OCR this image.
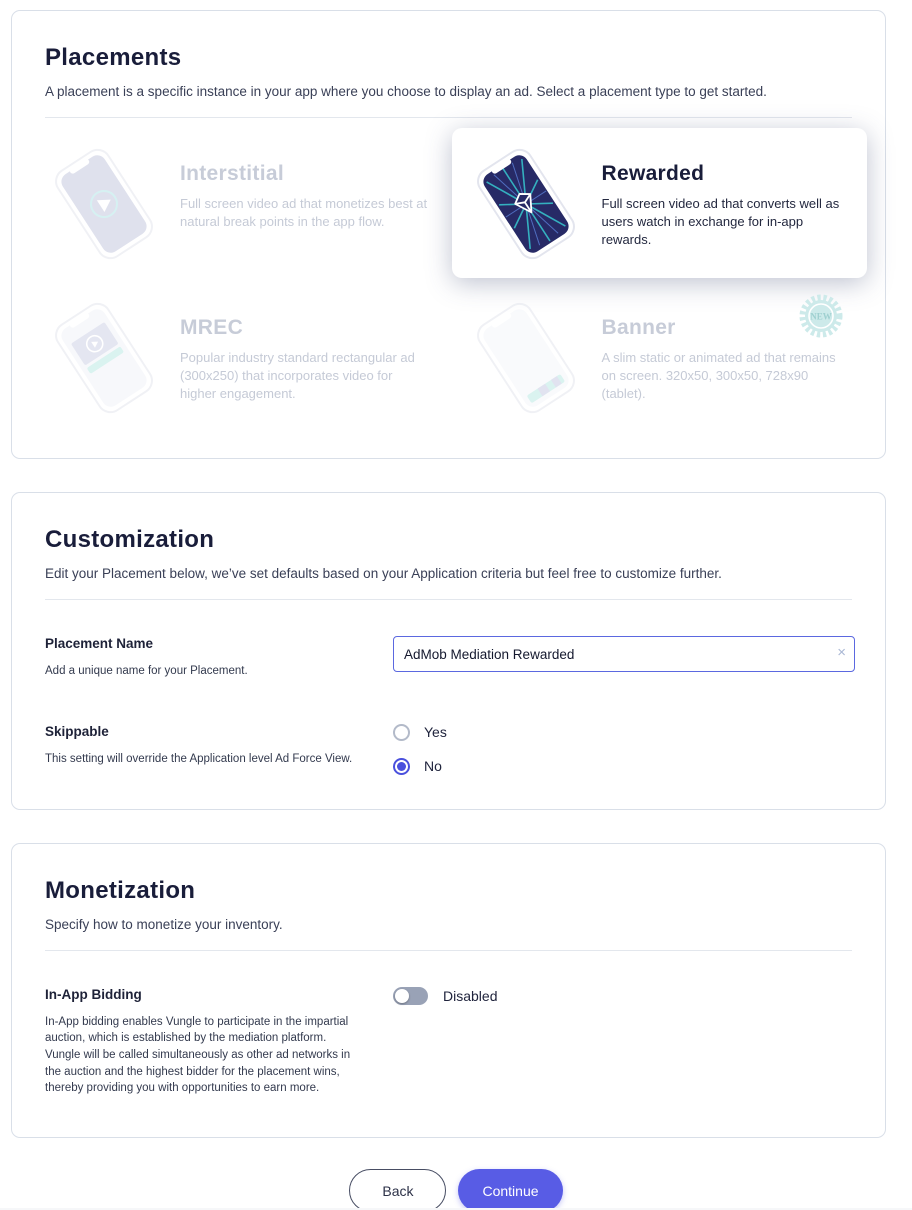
Placements

A placement is a specific instance in your app where you choose to display an ad. Select a placement type to get started.

Interstitial
Full screen video ad that monetizes best at natural break points in the app flow.
Rewarded
Full screen video ad that converts well as users watch in exchange for in-app rewards.
MREC
Popular industry standard rectangular ad (300x250) that incorporates video for higher engagement.
Banner
A slim static or animated ad that remains on screen. 320x50, 300x50, 728x90 (tablet).
NEW
Customization

Edit your Placement below, we’ve set defaults based on your Application criteria but feel free to customize further.

Placement Name
Add a unique name for your Placement.
AdMob Mediation Rewarded
×
Skippable
This setting will override the Application level Ad Force View.
Yes
No
Monetization

Specify how to monetize your inventory.

In-App Bidding
In-App bidding enables Vungle to participate in the impartial auction, which is established by the mediation platform. Vungle will be called simultaneously as other ad networks in the auction and the highest bidder for the placement wins, thereby providing you with opportunities to earn more.
Disabled
Back	Continue
